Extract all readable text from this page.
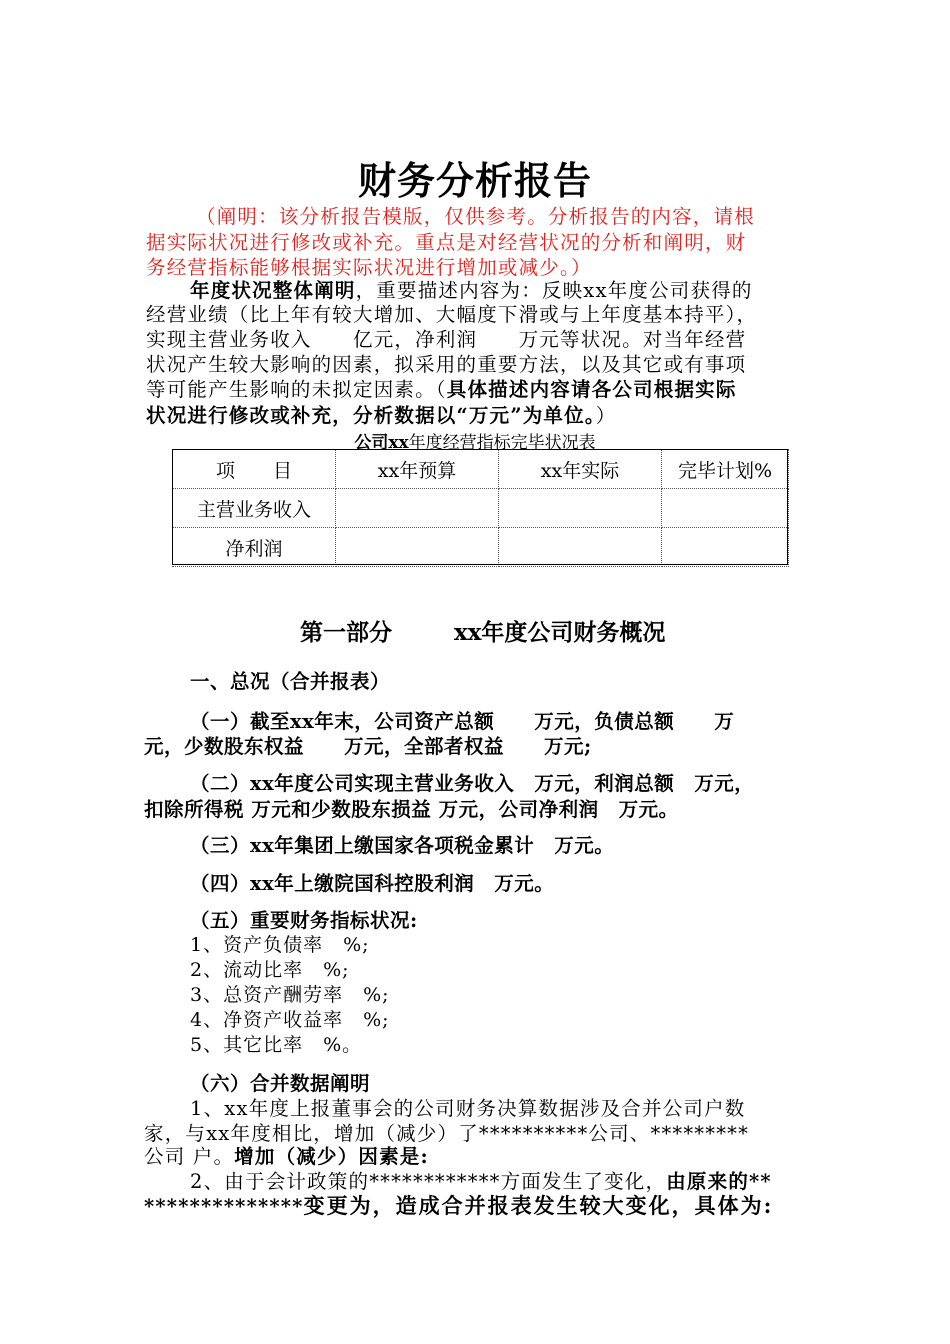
财务分析报告
（阐明：该分析报告模版，仅供参考。分析报告的内容，请根
据实际状况进行修改或补充。重点是对经营状况的分析和阐明，财
务经营指标能够根据实际状况进行增加或减少。）
年度状况整体阐明，重要描述内容为：反映xx年度公司获得的
经营业绩（比上年有较大增加、大幅度下滑或与上年度基本持平），
实现主营业务收入　　亿元，净利润　　万元等状况。对当年经营
状况产生较大影响的因素，拟采用的重要方法，以及其它或有事项
等可能产生影响的未拟定因素。（具体描述内容请各公司根据实际
状况进行修改或补充，分析数据以“万元”为单位。）
公司xx年度经营指标完毕状况表
项　　目	xx年预算	xx年实际	完毕计划%
主营业务收入			
净利润			
第一部分	xx年度公司财务概况
一、总况（合并报表）
（一）截至xx年末，公司资产总额　　万元，负债总额　　万
元，少数股东权益　　万元，全部者权益　　万元;
（二）xx年度公司实现主营业务收入　万元，利润总额　万元，
扣除所得税 万元和少数股东损益 万元，公司净利润　万元。
（三）xx年集团上缴国家各项税金累计　万元。
（四）xx年上缴院国科控股利润　万元。
（五）重要财务指标状况:
1、资产负债率　%;
2、流动比率　%;
3、总资产酬劳率　%;
4、净资产收益率　%;
5、其它比率　%。
（六）合并数据阐明
1、xx年度上报董事会的公司财务决算数据涉及合并公司户数
家，与xx年度相比，增加（减少）了**********公司、*********
公司 户。增加（减少）因素是:
2、由于会计政策的************方面发生了变化，由原来的**
**************变更为，造成合并报表发生较大变化，具体为:
